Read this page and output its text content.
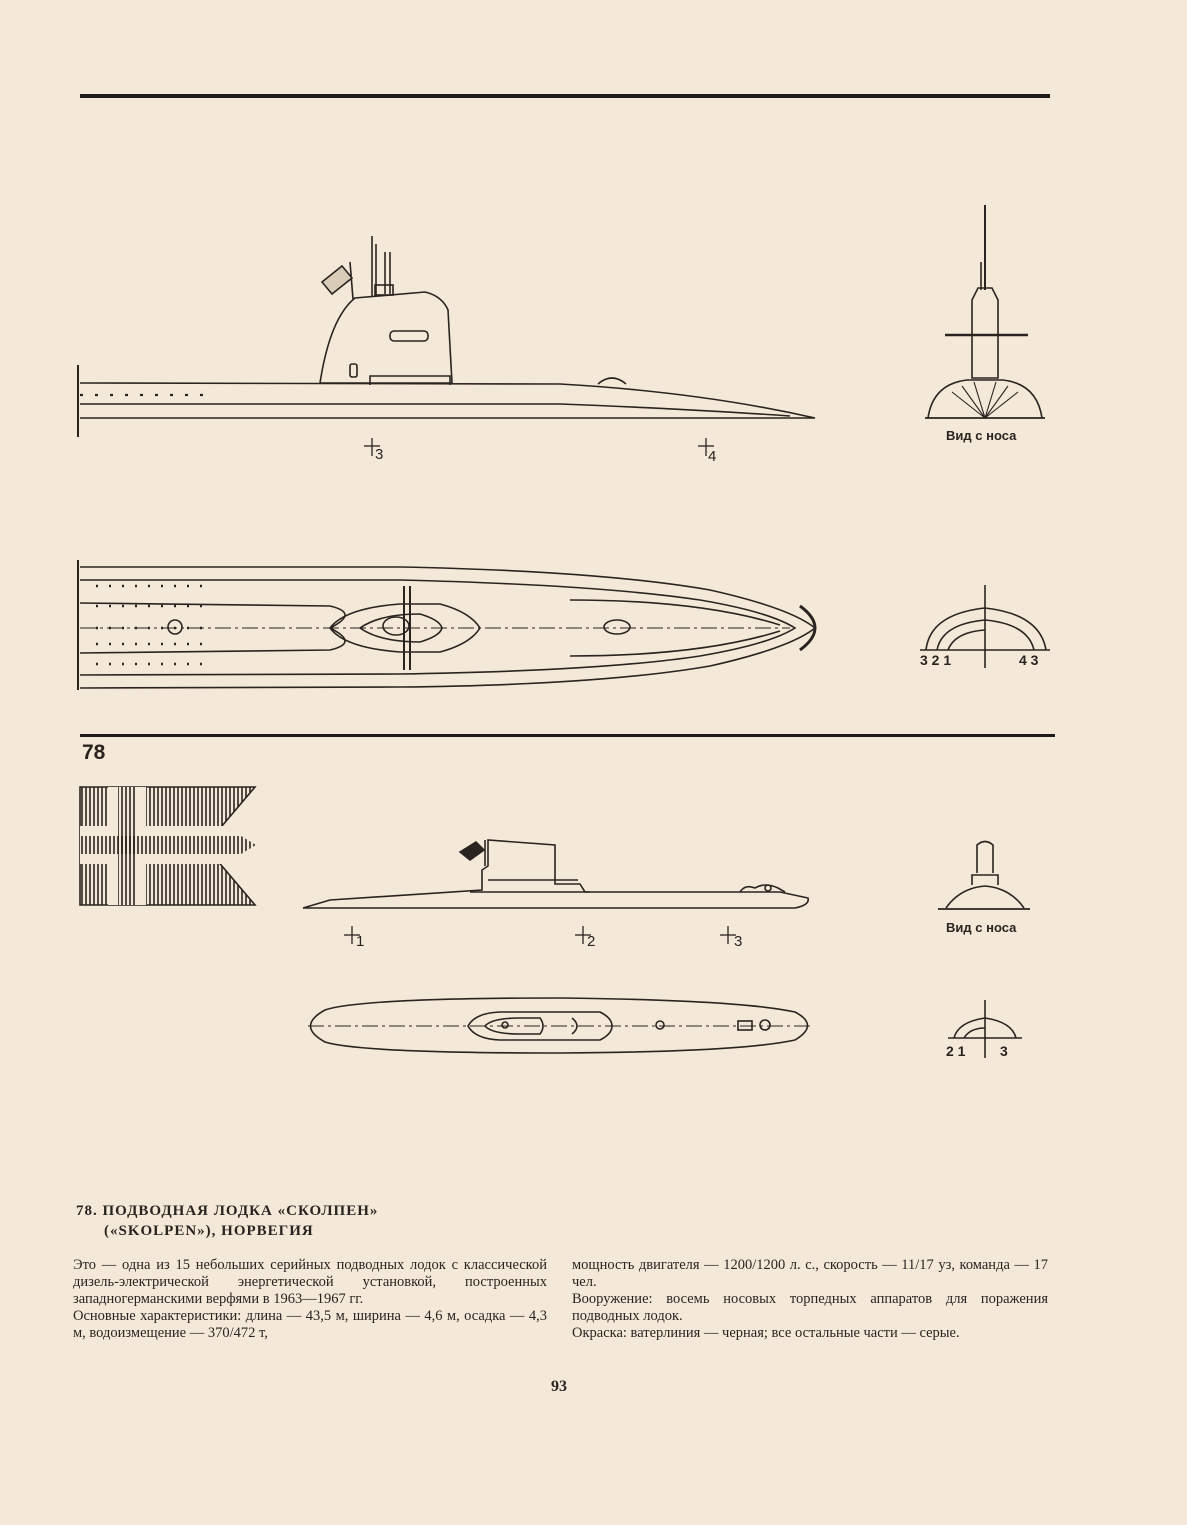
Вид с носа
Вид с носа
3	4
3 2 1	4 3
1	2	3
2 1 3
78
78. ПОДВОДНАЯ ЛОДКА «СКОЛПЕН»
(«SKOLPEN»), НОРВЕГИЯ

Это — одна из 15 небольших серийных подводных лодок с классической дизель-электрической энергетической установкой, построенных западногерманскими верфями в 1963—1967 гг.

Основные характеристики: длина — 43,5 м, ширина — 4,6 м, осадка — 4,3 м, водоизмещение — 370/472 т,

мощность двигателя — 1200/1200 л. с., скорость — 11/17 уз, команда — 17 чел.

Вооружение: восемь носовых торпедных аппаратов для поражения подводных лодок.

Окраска: ватерлиния — черная; все остальные части — серые.

93
